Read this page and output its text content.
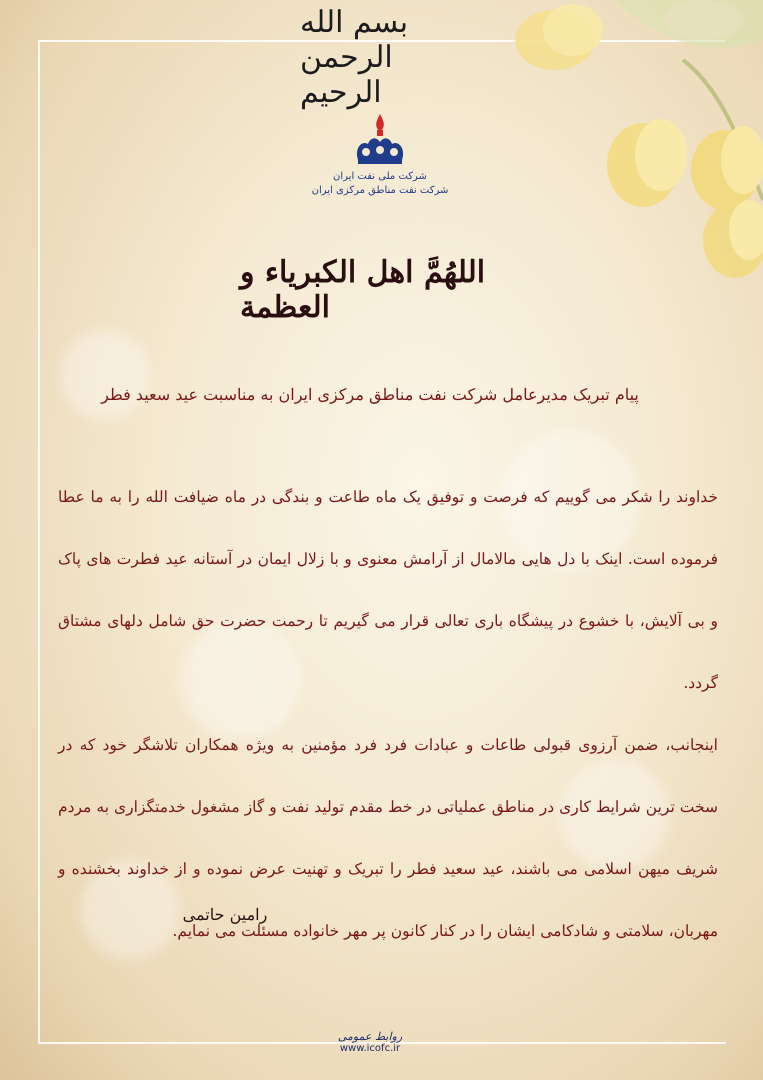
بسم الله الرحمن الرحیم
شرکت ملی نفت ایران
شرکت نفت مناطق مرکزی ایران
اللهُمَّ اهل الکبریاء و العظمة
پیام تبریک مدیرعامل شرکت نفت مناطق مرکزی ایران به مناسبت عید سعید فطر

خداوند را شکر می گوییم که فرصت و توفیق یک ماه طاعت و بندگی در ماه ضیافت الله را به ما عطا فرموده است. اینک با دل هایی مالامال از آرامش معنوی و با زلال ایمان در آستانه عید فطرت های پاک و بی آلایش، با خشوع در پیشگاه باری تعالی قرار می گیریم تا رحمت حضرت حق شامل دلهای مشتاق گردد.

اینجانب، ضمن آرزوی قبولی طاعات و عبادات فرد فرد مؤمنین به ویژه همکاران تلاشگر خود که در سخت ترین شرایط کاری در مناطق عملیاتی در خط مقدم تولید نفت و گاز مشغول خدمتگزاری به مردم شریف میهن اسلامی می باشند، عید سعید فطر را تبریک و تهنیت عرض نموده و از خداوند بخشنده و مهربان، سلامتی و شادکامی ایشان را در کنار کانون پر مهر خانواده مسئلت می نمایم.

رامین حاتمی
روابط عمومی
www.icofc.ir
